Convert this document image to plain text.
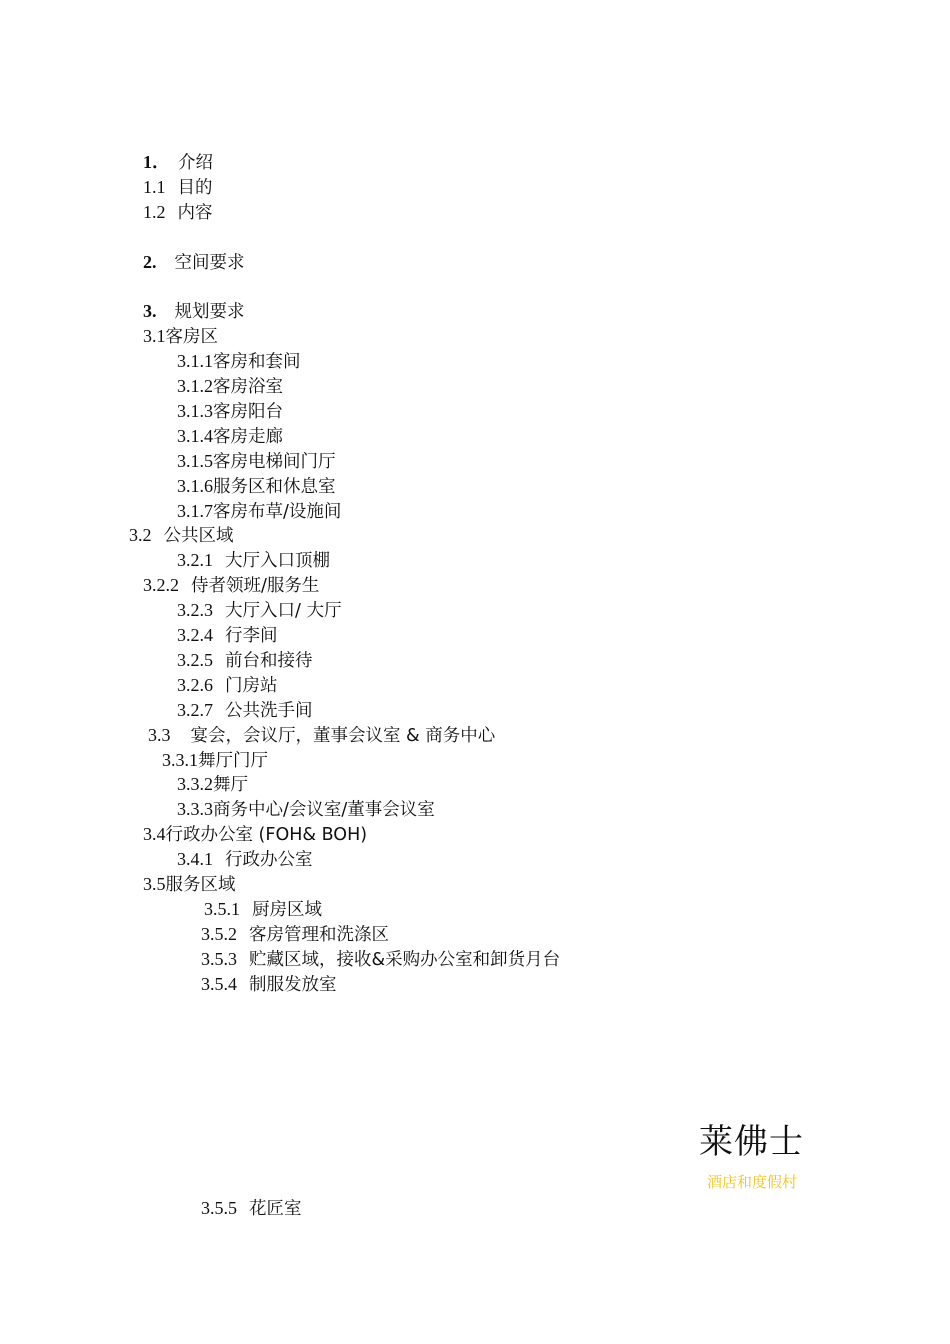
1． 介绍
1.1 目的
1.2 内容
2. 空间要求
3. 规划要求
3.1客房区
3.1.1客房和套间
3.1.2客房浴室
3.1.3客房阳台
3.1.4客房走廊
3.1.5客房电梯间门厅
3.1.6服务区和休息室
3.1.7客房布草/设施间
3.2 公共区域
3.2.1 大厅入口顶棚
3.2.2 侍者领班/服务生
3.2.3 大厅入口/ 大厅
3.2.4 行李间
3.2.5 前台和接待
3.2.6 门房站
3.2.7 公共洗手间
3.3 宴会，会议厅，董事会议室 & 商务中心
3.3.1舞厅门厅
3.3.2舞厅
3.3.3商务中心/会议室/董事会议室
3.4行政办公室 (FOH& BOH)
3.4.1 行政办公室
3.5服务区域
3.5.1 厨房区域
3.5.2 客房管理和洗涤区
3.5.3 贮藏区域，接收&采购办公室和卸货月台
3.5.4 制服发放室
3.5.5 花匠室
莱佛士
酒店和度假村
